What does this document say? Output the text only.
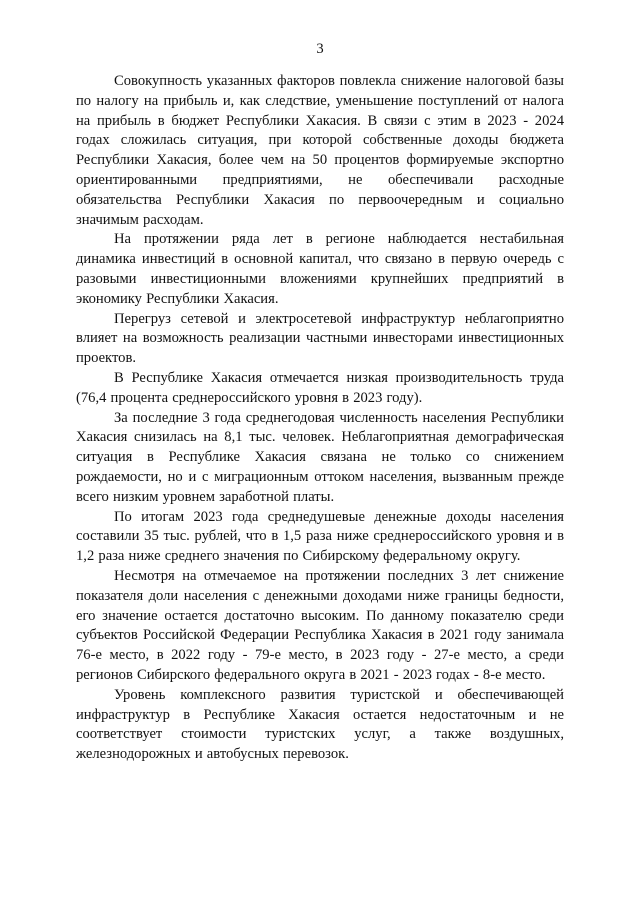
3

Совокупность указанных факторов повлекла снижение налоговой базы по налогу на прибыль и, как следствие, уменьшение поступлений от налога на прибыль в бюджет Республики Хакасия. В связи с этим в 2023 - 2024 годах сложилась ситуация, при которой собственные доходы бюджета Республики Хакасия, более чем на 50 процентов формируемые экспортно ориентированными предприятиями, не обеспечивали расходные обязательства Республики Хакасия по первоочередным и социально значимым расходам.

На протяжении ряда лет в регионе наблюдается нестабильная динамика инвестиций в основной капитал, что связано в первую очередь с разовыми инвестиционными вложениями крупнейших предприятий в экономику Республики Хакасия.

Перегруз сетевой и электросетевой инфраструктур неблагоприятно влияет на возможность реализации частными инвесторами инвестиционных проектов.

В Республике Хакасия отмечается низкая производительность труда (76,4 процента среднероссийского уровня в 2023 году).

За последние 3 года среднегодовая численность населения Республики Хакасия снизилась на 8,1 тыс. человек. Неблагоприятная демографическая ситуация в Республике Хакасия связана не только со снижением рождаемости, но и с миграционным оттоком населения, вызванным прежде всего низким уровнем заработной платы.

По итогам 2023 года среднедушевые денежные доходы населения составили 35 тыс. рублей, что в 1,5 раза ниже среднероссийского уровня и в 1,2 раза ниже среднего значения по Сибирскому федеральному округу.

Несмотря на отмечаемое на протяжении последних 3 лет снижение показателя доли населения с денежными доходами ниже границы бедности, его значение остается достаточно высоким. По данному показателю среди субъектов Российской Федерации Республика Хакасия в 2021 году занимала 76-е место, в 2022 году - 79-е место, в 2023 году - 27-е место, а среди регионов Сибирского федерального округа в 2021 - 2023 годах - 8-е место.

Уровень комплексного развития туристской и обеспечивающей инфраструктур в Республике Хакасия остается недостаточным и не соответствует стоимости туристских услуг, а также воздушных, железнодорожных и автобусных перевозок.
